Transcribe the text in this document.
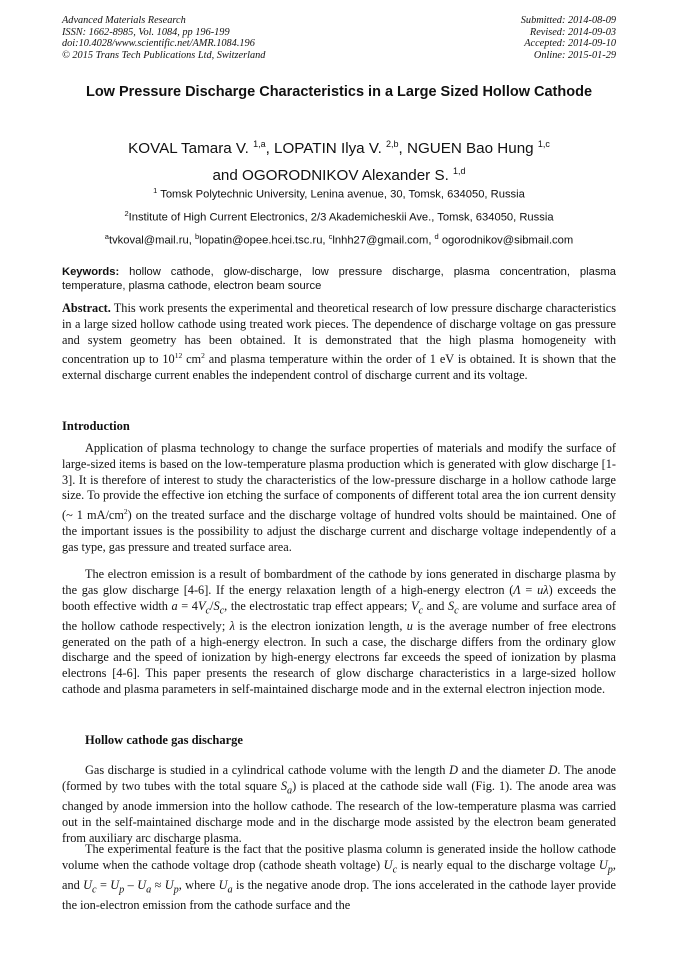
Advanced Materials Research
ISSN: 1662-8985, Vol. 1084, pp 196-199
doi:10.4028/www.scientific.net/AMR.1084.196
© 2015 Trans Tech Publications Ltd, Switzerland
Submitted: 2014-08-09
Revised: 2014-09-03
Accepted: 2014-09-10
Online: 2015-01-29
Low Pressure Discharge Characteristics in a Large Sized Hollow Cathode
KOVAL Tamara V. $^{1,a}$, LOPATIN Ilya V. $^{2,b}$, NGUEN Bao Hung $^{1,c}$
and OGORODNIKOV Alexander S. $^{1,d}$
$^1$ Tomsk Polytechnic University, Lenina avenue, 30, Tomsk, 634050, Russia
$^2$Institute of High Current Electronics, 2/3 Akademicheskii Ave., Tomsk, 634050, Russia
$^a$tvkoval@mail.ru, $^b$lopatin@opee.hcei.tsc.ru, $^c$lnhh27@gmail.com, $^d$ ogorodnikov@sibmail.com
Keywords: hollow cathode, glow-discharge, low pressure discharge, plasma concentration, plasma temperature, plasma cathode, electron beam source

Abstract. This work presents the experimental and theoretical research of low pressure discharge characteristics in a large sized hollow cathode using treated work pieces. The dependence of discharge voltage on gas pressure and system geometry has been obtained. It is demonstrated that the high plasma homogeneity with concentration up to $10^{12}$ $cm^2$ and plasma temperature within the order of 1 eV is obtained. It is shown that the external discharge current enables the independent control of discharge current and its voltage.

Introduction

Application of plasma technology to change the surface properties of materials and modify the surface of large-sized items is based on the low-temperature plasma production which is generated with glow discharge [1-3]. It is therefore of interest to study the characteristics of the low-pressure discharge in a hollow cathode large size. To provide the effective ion etching the surface of components of different total area the ion current density (~ 1 $mA/cm^2$) on the treated surface and the discharge voltage of hundred volts should be maintained. One of the important issues is the possibility to adjust the discharge current and discharge voltage independently of a gas type, gas pressure and treated surface area.

The electron emission is a result of bombardment of the cathode by ions generated in discharge plasma by the gas glow discharge [4-6]. If the energy relaxation length of a high-energy electron (Λ = uλ) exceeds the booth effective width $a = 4V_c/S_c$, the electrostatic trap effect appears; $V_c$ and $S_c$ are volume and surface area of the hollow cathode respectively; λ is the electron ionization length, u is the average number of free electrons generated on the path of a high-energy electron. In such a case, the discharge differs from the ordinary glow discharge and the speed of ionization by high-energy electrons far exceeds the speed of ionization by plasma electrons [4-6]. This paper presents the research of glow discharge characteristics in a large-sized hollow cathode and plasma parameters in self-maintained discharge mode and in the external electron injection mode.

Hollow cathode gas discharge

Gas discharge is studied in a cylindrical cathode volume with the length D and the diameter D. The anode (formed by two tubes with the total square $S_a$) is placed at the cathode side wall (Fig. 1). The anode area was changed by anode immersion into the hollow cathode. The research of the low-temperature plasma was carried out in the self-maintained discharge mode and in the discharge mode assisted by the electron beam generated from auxiliary arc discharge plasma.

The experimental feature is the fact that the positive plasma column is generated inside the hollow cathode volume when the cathode voltage drop (cathode sheath voltage) $U_c$ is nearly equal to the discharge voltage $U_p$, and $U_c = U_p - U_a \approx U_p$, where $U_a$ is the negative anode drop. The ions accelerated in the cathode layer provide the ion-electron emission from the cathode surface and the
